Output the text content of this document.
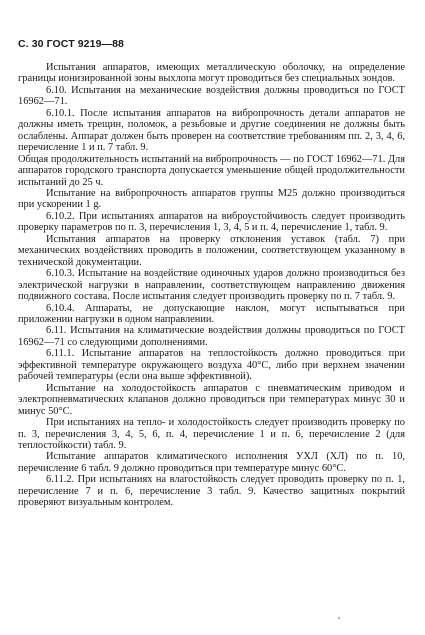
С. 30 ГОСТ 9219—88

Испытания аппаратов, имеющих металлическую оболочку, на определение границы ионизированной зоны выхлопа могут проводиться без специальных зондов.

6.10. Испытания на механические воздействия должны проводиться по ГОСТ 16962—71.

6.10.1. После испытания аппаратов на вибропрочность детали аппаратов не должны иметь трещин, поломок, а резьбовые и другие соединения не должны быть ослаблены. Аппарат должен быть проверен на соответствие требованиям пп. 2, 3, 4, 6, перечисление 1 и п. 7 табл. 9.

Общая продолжительность испытаний на вибропрочность — по ГОСТ 16962—71. Для аппаратов городского транспорта допускается уменьшение общей продолжительности испытаний до 25 ч.

Испытание на вибропрочность аппаратов группы М25 должно производиться при ускорении 1 g.

6.10.2. При испытаниях аппаратов на виброустойчивость следует производить проверку параметров по п. 3, перечисления 1, 3, 4, 5 и п. 4, перечисление 1, табл. 9.

Испытания аппаратов на проверку отклонения уставок (табл. 7) при механических воздействиях проводить в положении, соответствующем указанному в технической документации.

6.10.3. Испытание на воздействие одиночных ударов должно производиться без электрической нагрузки в направлении, соответствующем направлению движения подвижного состава. После испытания следует производить проверку по п. 7 табл. 9.

6.10.4. Аппараты, не допускающие наклон, могут испытываться при приложении нагрузки в одном направлении.

6.11. Испытания на климатические воздействия должны проводиться по ГОСТ 16962—71 со следующими дополнениями.

6.11.1. Испытание аппаратов на теплостойкость должно проводиться при эффективной температуре окружающего воздуха 40°С, либо при верхнем значении рабочей температуры (если она выше эффективной).

Испытание на холодостойкость аппаратов с пневматическим приводом и электропневматических клапанов должно проводиться при температурах минус 30 и минус 50°С.

При испытаниях на тепло- и холодостойкость следует производить проверку по п. 3, перечисления 3, 4, 5, 6, п. 4, перечисление 1 и п. 6, перечисление 2 (для теплостойкости) табл. 9.

Испытание аппаратов климатического исполнения УХЛ (ХЛ) по п. 10, перечисление 6 табл. 9 должно проводиться при температуре минус 60°С.

6.11.2. При испытаниях на влагостойкость следует проводить проверку по п. 1, перечисление 7 и п. 6, перечисление 3 табл. 9. Качество защитных покрытий проверяют визуальным контролем.
